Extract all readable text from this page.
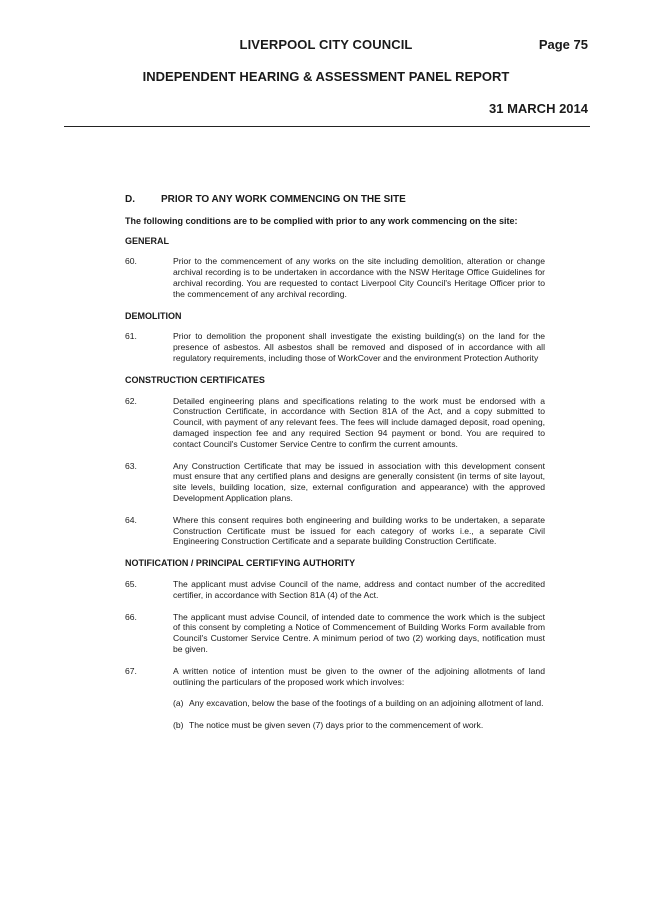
LIVERPOOL CITY COUNCIL	Page 75
INDEPENDENT HEARING & ASSESSMENT PANEL REPORT
31 MARCH 2014
D.	PRIOR TO ANY WORK COMMENCING ON THE SITE
The following conditions are to be complied with prior to any work commencing on the site:
GENERAL
60.	Prior to the commencement of any works on the site including demolition, alteration or change archival recording is to be undertaken in accordance with the NSW Heritage Office Guidelines for archival recording. You are requested to contact Liverpool City Council's Heritage Officer prior to the commencement of any archival recording.
DEMOLITION
61.	Prior to demolition the proponent shall investigate the existing building(s) on the land for the presence of asbestos. All asbestos shall be removed and disposed of in accordance with all regulatory requirements, including those of WorkCover and the environment Protection Authority
CONSTRUCTION CERTIFICATES
62.	Detailed engineering plans and specifications relating to the work must be endorsed with a Construction Certificate, in accordance with Section 81A of the Act, and a copy submitted to Council, with payment of any relevant fees. The fees will include damaged deposit, road opening, damaged inspection fee and any required Section 94 payment or bond. You are required to contact Council's Customer Service Centre to confirm the current amounts.
63.	Any Construction Certificate that may be issued in association with this development consent must ensure that any certified plans and designs are generally consistent (in terms of site layout, site levels, building location, size, external configuration and appearance) with the approved Development Application plans.
64.	Where this consent requires both engineering and building works to be undertaken, a separate Construction Certificate must be issued for each category of works i.e., a separate Civil Engineering Construction Certificate and a separate building Construction Certificate.
NOTIFICATION / PRINCIPAL CERTIFYING AUTHORITY
65.	The applicant must advise Council of the name, address and contact number of the accredited certifier, in accordance with Section 81A (4) of the Act.
66.	The applicant must advise Council, of intended date to commence the work which is the subject of this consent by completing a Notice of Commencement of Building Works Form available from Council's Customer Service Centre. A minimum period of two (2) working days, notification must be given.
67.	A written notice of intention must be given to the owner of the adjoining allotments of land outlining the particulars of the proposed work which involves:
(a) Any excavation, below the base of the footings of a building on an adjoining allotment of land.
(b) The notice must be given seven (7) days prior to the commencement of work.
